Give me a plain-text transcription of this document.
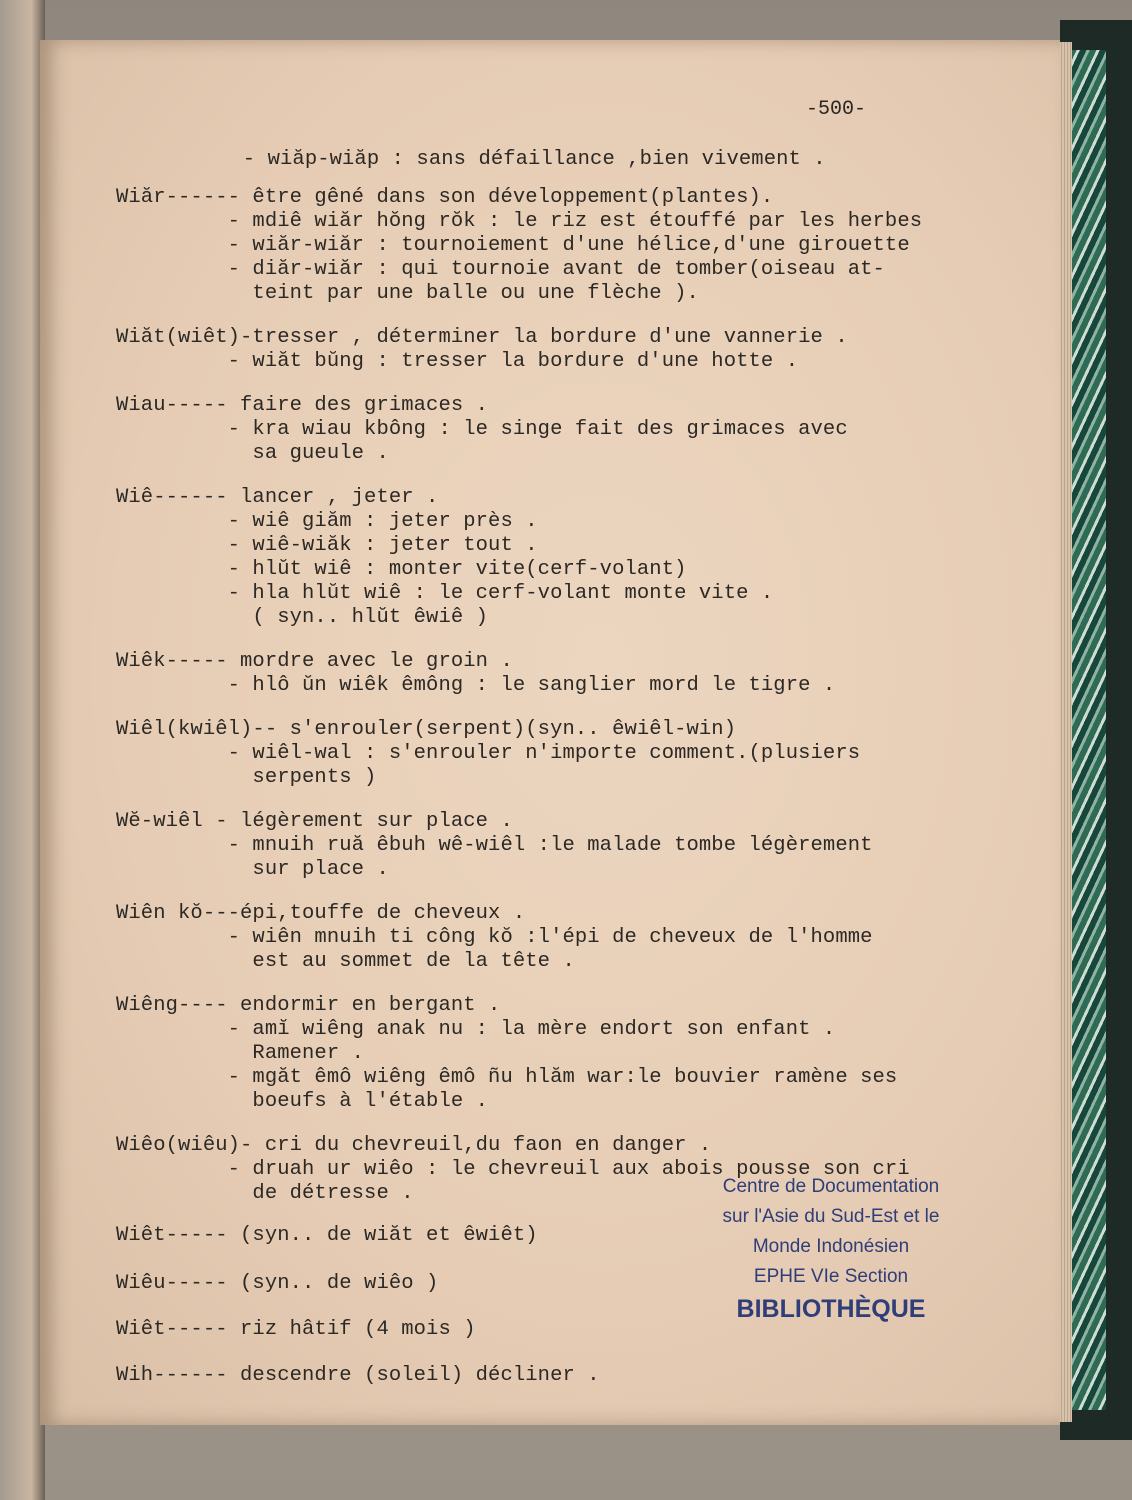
-500-
- wiăp-wiăp : sans défaillance ,bien vivement .
Wiăr------ être gêné dans son développement(plantes).
- mdiê wiăr hŏng rŏk : le riz est étouffé par les herbes
- wiăr-wiăr : tournoiement d'une hélice,d'une girouette
- diăr-wiăr : qui tournoie avant de tomber(oiseau at-
teint par une balle ou une flèche ).
Wiăt(wiêt)-tresser , déterminer la bordure d'une vannerie .
- wiăt bŭng : tresser la bordure d'une hotte .
Wiau----- faire des grimaces .
- kra wiau kbông : le singe fait des grimaces avec
sa gueule .
Wiê------ lancer , jeter .
- wiê giăm : jeter près .
- wiê-wiăk : jeter tout .
- hlŭt wiê : monter vite(cerf-volant)
- hla hlŭt wiê : le cerf-volant monte vite .
( syn.. hlŭt êwiê )
Wiêk----- mordre avec le groin .
- hlô ŭn wiêk êmông : le sanglier mord le tigre .
Wiêl(kwiêl)-- s'enrouler(serpent)(syn.. êwiêl-win)
- wiêl-wal : s'enrouler n'importe comment.(plusiers
serpents )
Wĕ-wiêl - légèrement sur place .
- mnuih ruă êbuh wê-wiêl :le malade tombe légèrement
sur place .
Wiên kŏ---épi,touffe de cheveux .
- wiên mnuih ti công kŏ :l'épi de cheveux de l'homme
est au sommet de la tête .
Wiêng---- endormir en bergant .
- amĭ wiêng anak nu : la mère endort son enfant .
Ramener .
- mgăt êmô wiêng êmô ñu hlăm war:le bouvier ramène ses
boeufs à l'étable .
Wiêo(wiêu)- cri du chevreuil,du faon en danger .
- druah ur wiêo : le chevreuil aux abois pousse son cri
de détresse .
Wiêt----- (syn.. de wiăt et êwiêt)
Wiêu----- (syn.. de wiêo )
Wiêt----- riz hâtif (4 mois )
Wih------ descendre (soleil) décliner .
Centre de Documentation
sur l'Asie du Sud-Est et le
Monde Indonésien
EPHE VIe Section
BIBLIOTHÈQUE
